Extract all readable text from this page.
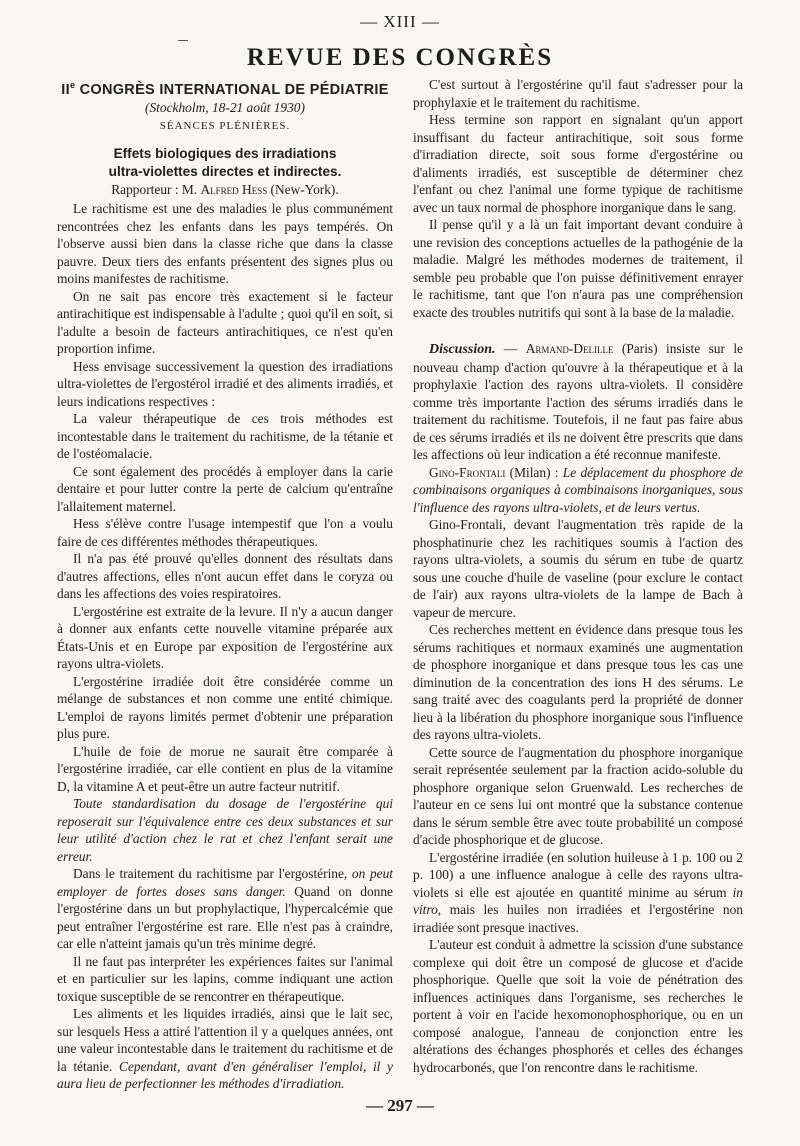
— XIII —
REVUE DES CONGRÈS
IIe CONGRÈS INTERNATIONAL DE PÉDIATRIE
(Stockholm, 18-21 août 1930)
SÉANCES PLÉNIÈRES.
Effets biologiques des irradiations
ultra-violettes directes et indirectes.
Rapporteur : M. Alfred Hess (New-York).

Le rachitisme est une des maladies le plus communément rencontrées chez les enfants dans les pays tempérés. On l'observe aussi bien dans la classe riche que dans la classe pauvre. Deux tiers des enfants présentent des signes plus ou moins manifestes de rachitisme.

On ne sait pas encore très exactement si le facteur antirachitique est indispensable à l'adulte ; quoi qu'il en soit, si l'adulte a besoin de facteurs antirachitiques, ce n'est qu'en proportion infime.

Hess envisage successivement la question des irradiations ultra-violettes de l'ergostérol irradié et des aliments irradiés, et leurs indications respectives :

La valeur thérapeutique de ces trois méthodes est incontestable dans le traitement du rachitisme, de la tétanie et de l'ostéomalacie.

Ce sont également des procédés à employer dans la carie dentaire et pour lutter contre la perte de calcium qu'entraîne l'allaitement maternel.

Hess s'élève contre l'usage intempestif que l'on a voulu faire de ces différentes méthodes thérapeutiques.

Il n'a pas été prouvé qu'elles donnent des résultats dans d'autres affections, elles n'ont aucun effet dans le coryza ou dans les affections des voies respiratoires.

L'ergostérine est extraite de la levure. Il n'y a aucun danger à donner aux enfants cette nouvelle vitamine préparée aux États-Unis et en Europe par exposition de l'ergostérine aux rayons ultra-violets.

L'ergostérine irradiée doit être considérée comme un mélange de substances et non comme une entité chimique. L'emploi de rayons limités permet d'obtenir une préparation plus pure.

L'huile de foie de morue ne saurait être comparée à l'ergostérine irradiée, car elle contient en plus de la vitamine D, la vitamine A et peut-être un autre facteur nutritif.

Toute standardisation du dosage de l'ergostérine qui reposerait sur l'équivalence entre ces deux substances et sur leur utilité d'action chez le rat et chez l'enfant serait une erreur.

Dans le traitement du rachitisme par l'ergostérine, on peut employer de fortes doses sans danger. Quand on donne l'ergostérine dans un but prophylactique, l'hypercalcémie que peut entraîner l'ergostérine est rare. Elle n'est pas à craindre, car elle n'atteint jamais qu'un très minime degré.

Il ne faut pas interpréter les expériences faites sur l'animal et en particulier sur les lapins, comme indiquant une action toxique susceptible de se rencontrer en thérapeutique.

Les aliments et les liquides irradiés, ainsi que le lait sec, sur lesquels Hess a attiré l'attention il y a quelques années, ont une valeur incontestable dans le traitement du rachitisme et de la tétanie. Cependant, avant d'en généraliser l'emploi, il y aura lieu de perfectionner les méthodes d'irradiation.

C'est surtout à l'ergostérine qu'il faut s'adresser pour la prophylaxie et le traitement du rachitisme.

Hess termine son rapport en signalant qu'un apport insuffisant du facteur antirachitique, soit sous forme d'irradiation directe, soit sous forme d'ergostérine ou d'aliments irradiés, est susceptible de déterminer chez l'enfant ou chez l'animal une forme typique de rachitisme avec un taux normal de phosphore inorganique dans le sang.

Il pense qu'il y a là un fait important devant conduire à une revision des conceptions actuelles de la pathogénie de la maladie. Malgré les méthodes modernes de traitement, il semble peu probable que l'on puisse définitivement enrayer le rachitisme, tant que l'on n'aura pas une compréhension exacte des troubles nutritifs qui sont à la base de la maladie.

Discussion. — Armand-Delille (Paris) insiste sur le nouveau champ d'action qu'ouvre à la thérapeutique et à la prophylaxie l'action des rayons ultra-violets. Il considère comme très importante l'action des sérums irradiés dans le traitement du rachitisme. Toutefois, il ne faut pas faire abus de ces sérums irradiés et ils ne doivent être prescrits que dans les affections où leur indication a été reconnue manifeste.

Gino-Frontali (Milan) : Le déplacement du phosphore de combinaisons organiques à combinaisons inorganiques, sous l'influence des rayons ultra-violets, et de leurs vertus.

Gino-Frontali, devant l'augmentation très rapide de la phosphatinurie chez les rachitiques soumis à l'action des rayons ultra-violets, a soumis du sérum en tube de quartz sous une couche d'huile de vaseline (pour exclure le contact de l'air) aux rayons ultra-violets de la lampe de Bach à vapeur de mercure.

Ces recherches mettent en évidence dans presque tous les sérums rachitiques et normaux examinés une augmentation de phosphore inorganique et dans presque tous les cas une diminution de la concentration des ions H des sérums. Le sang traité avec des coagulants perd la propriété de donner lieu à la libération du phosphore inorganique sous l'influence des rayons ultra-violets.

Cette source de l'augmentation du phosphore inorganique serait représentée seulement par la fraction acido-soluble du phosphore organique selon Gruenwald. Les recherches de l'auteur en ce sens lui ont montré que la substance contenue dans le sérum semble être avec toute probabilité un composé d'acide phosphorique et de glucose.

L'ergostérine irradiée (en solution huileuse à 1 p. 100 ou 2 p. 100) a une influence analogue à celle des rayons ultra-violets si elle est ajoutée en quantité minime au sérum in vitro, mais les huiles non irradiées et l'ergostérine non irradiée sont presque inactives.

L'auteur est conduit à admettre la scission d'une substance complexe qui doit être un composé de glucose et d'acide phosphorique. Quelle que soit la voie de pénétration des influences actiniques dans l'organisme, ses recherches le portent à voir en l'acide hexomonophosphorique, ou en un composé analogue, l'anneau de conjonction entre les altérations des échanges phosphorés et celles des échanges hydrocarbonés, que l'on rencontre dans le rachitisme.

— 297 —
